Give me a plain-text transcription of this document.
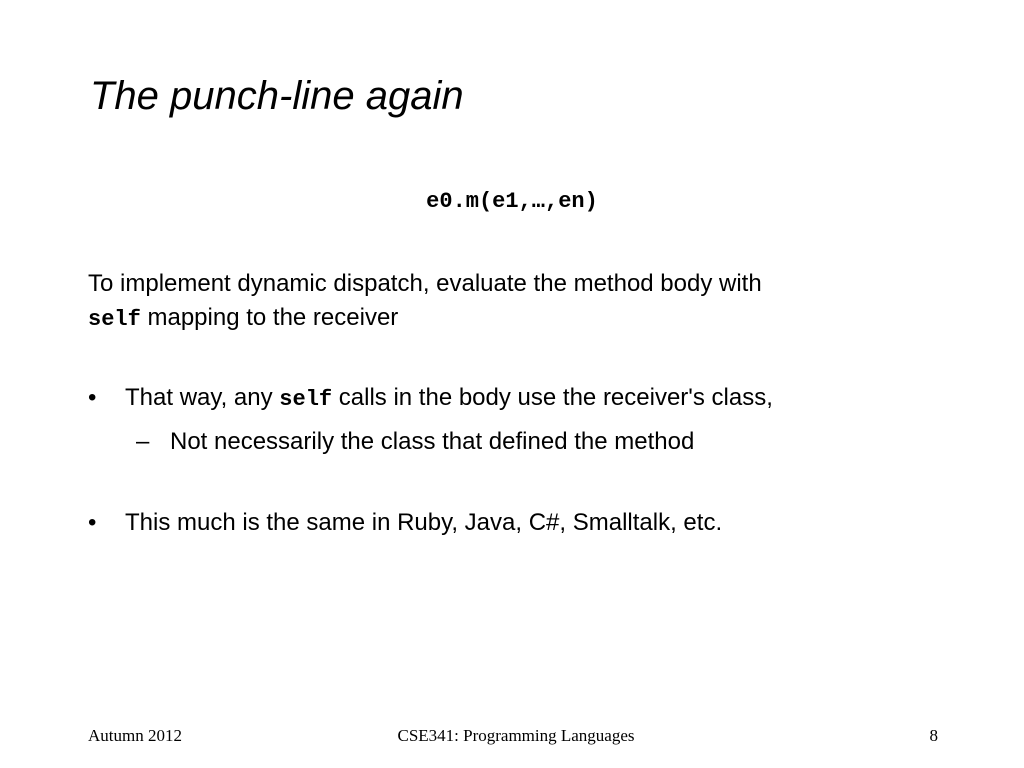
The punch-line again
e0.m(e1,…,en)
To implement dynamic dispatch, evaluate the method body with
self mapping to the receiver
• That way, any self calls in the body use the receiver's class,
– Not necessarily the class that defined the method
• This much is the same in Ruby, Java, C#, Smalltalk, etc.
Autumn 2012	CSE341: Programming Languages	8
